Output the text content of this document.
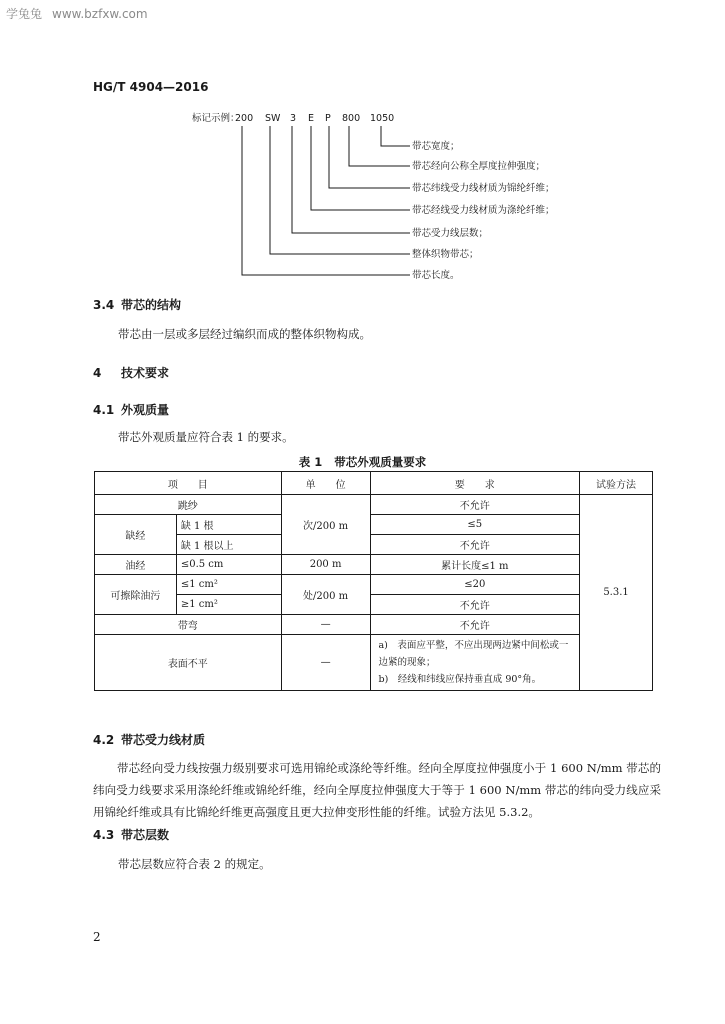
学兔兔 www.bzfxw.com
HG/T 4904—2016
标记示例：
200 SW 3 E P 800 1050
带芯宽度；
带芯经向公称全厚度拉伸强度；
带芯纬线受力线材质为锦纶纤维；
带芯经线受力线材质为涤纶纤维；
带芯受力线层数；
整体织物带芯；
带芯长度。
3.4 带芯的结构
带芯由一层或多层经过编织而成的整体织物构成。
4 技术要求
4.1 外观质量
带芯外观质量应符合表 1 的要求。
表 1 带芯外观质量要求
项　　目		单　　位	要　　求	试验方法
跳纱		次/200 m	不允许	5.3.1
缺经	缺 1 根		≤5	
	缺 1 根以上		不允许	
油经	≤0.5 cm	200 m	累计长度≤1 m	
可擦除油污	≤1 cm²	处/200 m	≤20	
	≥1 cm²		不允许	
带弯		—	不允许	
表面不平		—	a)　表面应平整，不应出现两边紧中间松或一边紧的现象；
b)　经线和纬线应保持垂直成 90°角。	
4.2 带芯受力线材质
带芯经向受力线按强力级别要求可选用锦纶或涤纶等纤维。经向全厚度拉伸强度小于 1 600 N/mm 带芯的纬向受力线要求采用涤纶纤维或锦纶纤维，经向全厚度拉伸强度大于等于 1 600 N/mm 带芯的纬向受力线应采用锦纶纤维或具有比锦纶纤维更高强度且更大拉伸变形性能的纤维。试验方法见 5.3.2。
4.3 带芯层数
带芯层数应符合表 2 的规定。
2
